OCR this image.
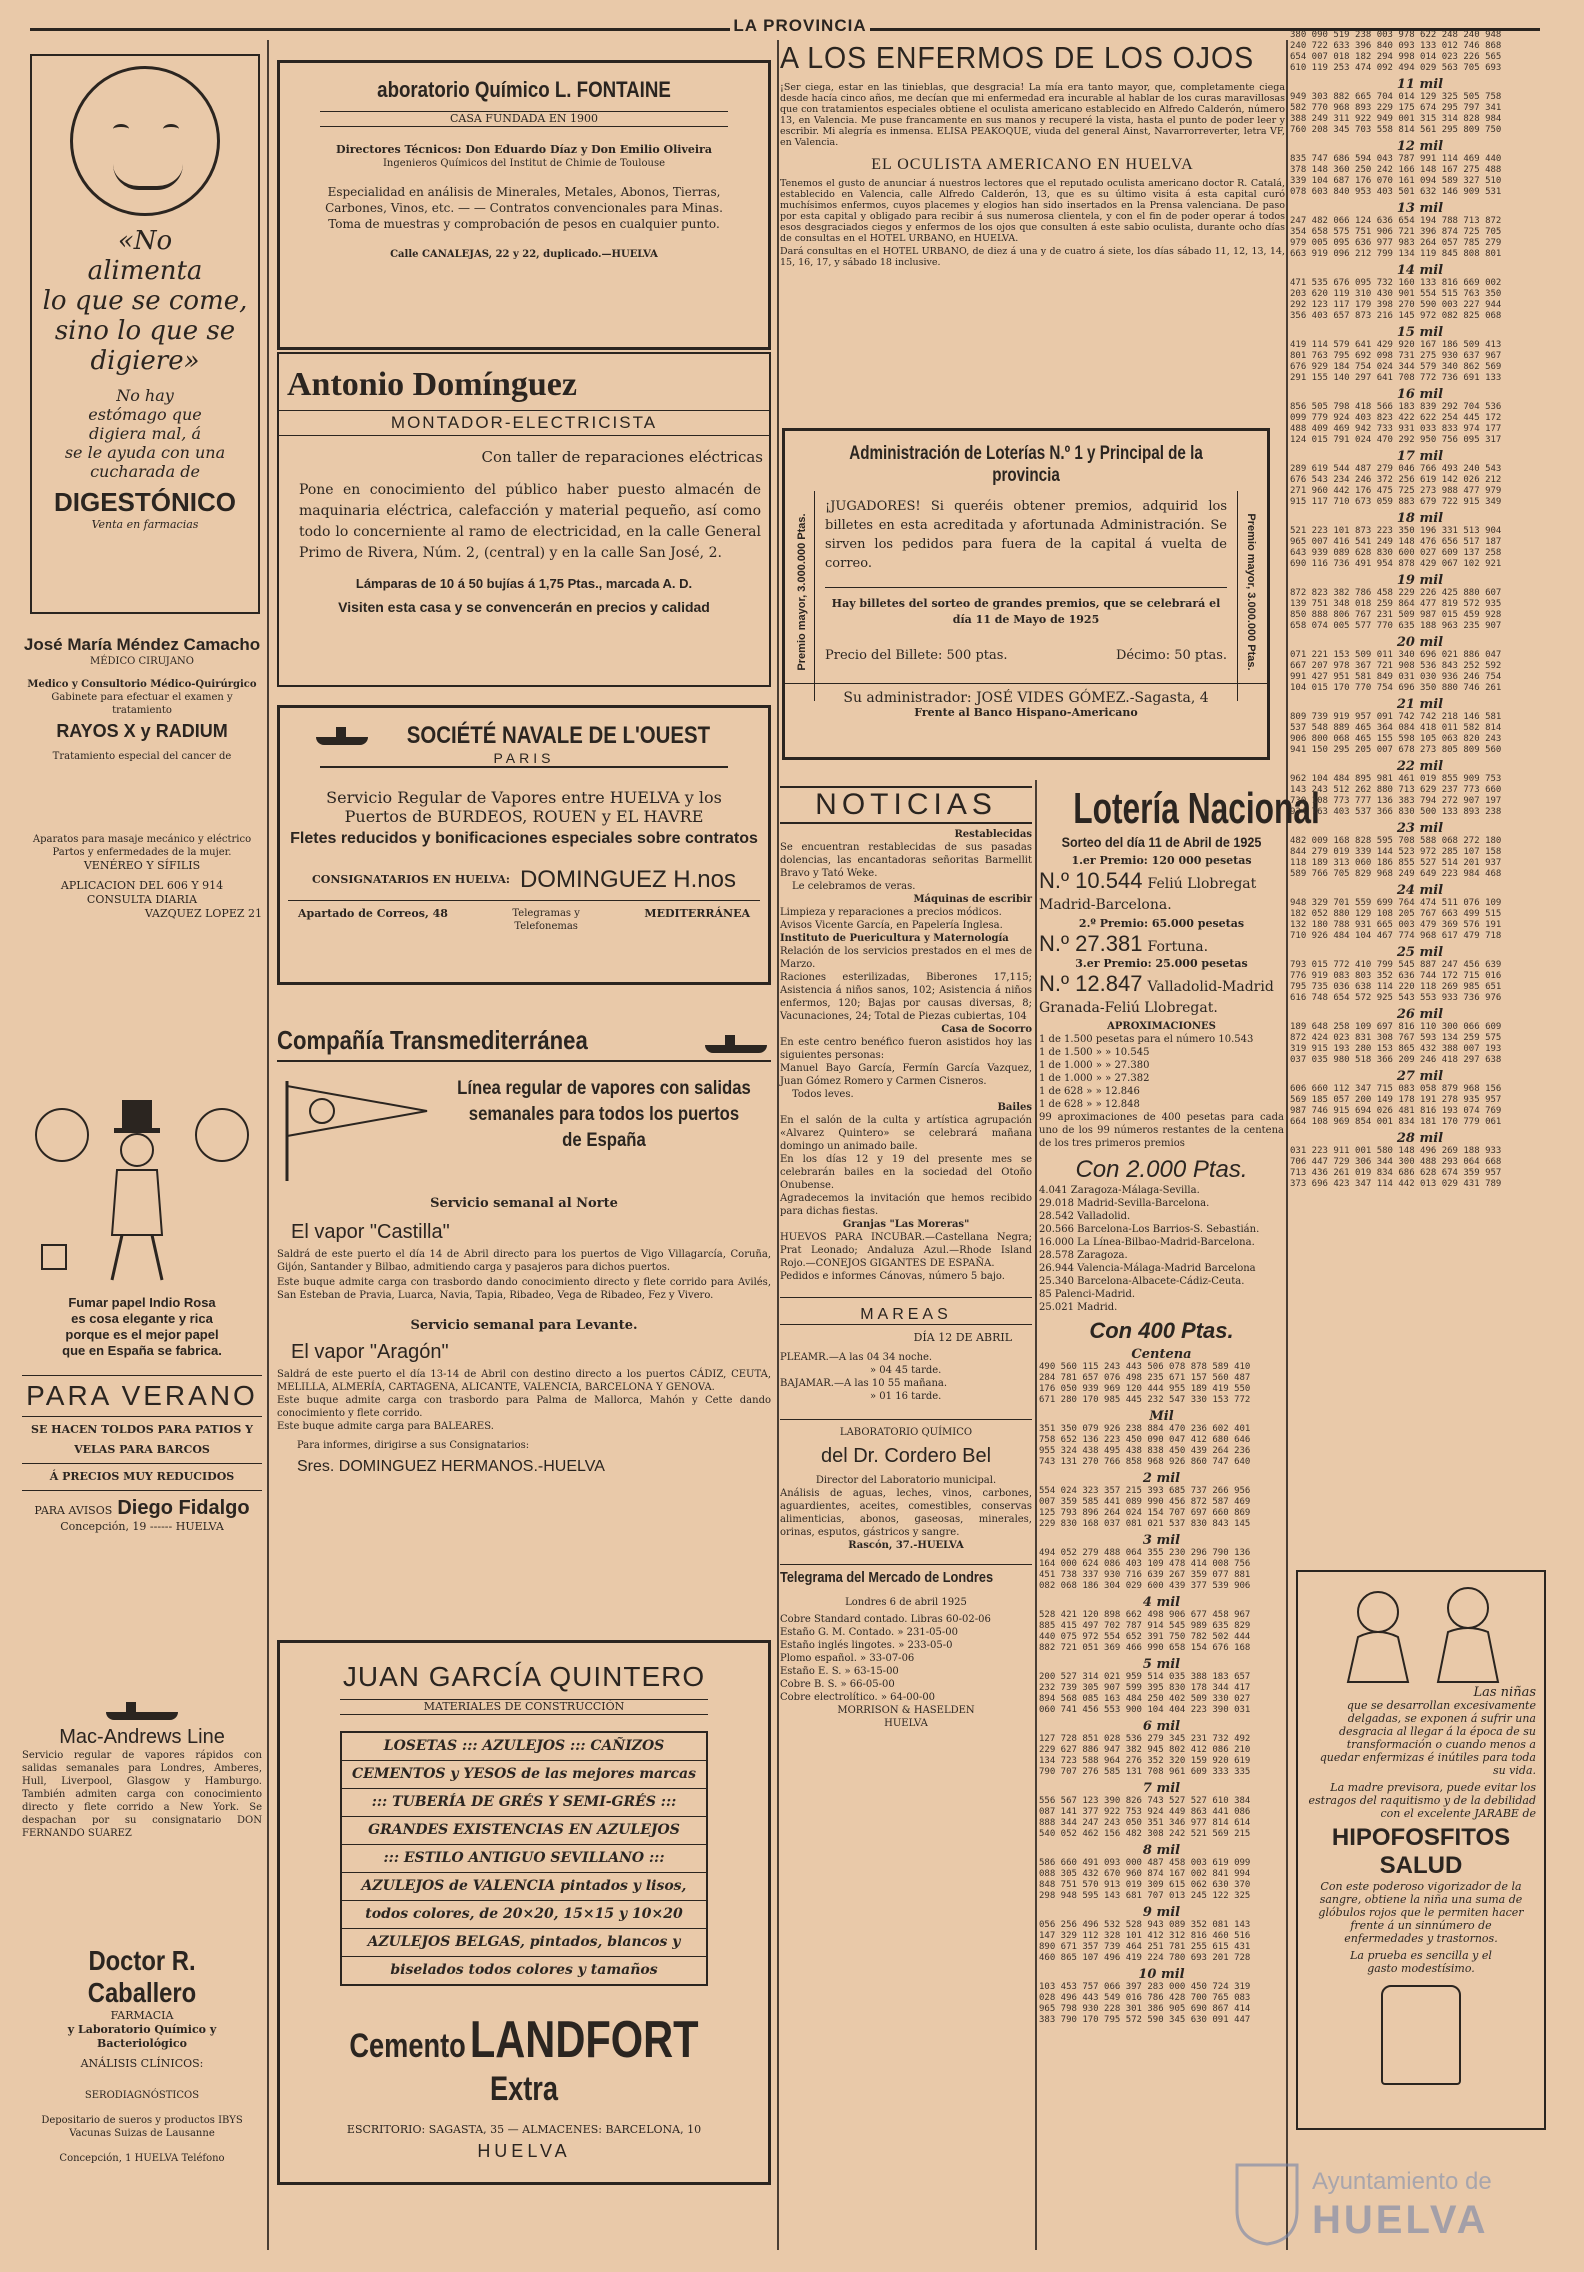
LA PROVINCIA
«No
alimenta
lo que se come,
sino lo que se
digiere»
No hay
estómago que
digiera mal, á
se le ayuda con una
cucharada de
DIGESTÓNICO
Venta en farmacias
José María Méndez Camacho
MÉDICO CIRUJANO
Medico y Consultorio Médico-Quirúrgico
Gabinete para efectuar el examen y tratamiento
RAYOS X y RADIUM
Tratamiento especial del cancer de
Aparatos para masaje mecánico y eléctrico
Partos y enfermedades de la mujer.
VENÉREO Y SÍFILIS
APLICACION DEL 606 Y 914
CONSULTA DIARIA
VAZQUEZ LOPEZ 21
Fumar papel Indio Rosa
es cosa elegante y rica
porque es el mejor papel
que en España se fabrica.
PARA VERANO
SE HACEN TOLDOS PARA PATIOS Y
VELAS PARA BARCOS
Á PRECIOS MUY REDUCIDOS
PARA AVISOS Diego Fidalgo
Concepción, 19 ------ HUELVA
Mac-Andrews Line
Servicio regular de vapores rápidos con salidas semanales para Londres, Amberes, Hull, Liverpool, Glasgow y Hamburgo. También admiten carga con conocimiento directo y flete corrido a New York. Se despachan por su consignatario DON FERNANDO SUAREZ
Doctor R. Caballero
FARMACIA
y Laboratorio Químico y Bacteriológico
ANÁLISIS CLÍNICOS:
SERODIAGNÓSTICOS
Depositario de sueros y productos IBYS
Vacunas Suizas de Lausanne
Concepción, 1 HUELVA Teléfono
aboratorio Químico L. FONTAINE
CASA FUNDADA EN 1900
Directores Técnicos: Don Eduardo Díaz y Don Emilio Oliveira
Ingenieros Químicos del Institut de Chimie de Toulouse
Especialidad en análisis de Minerales, Metales, Abonos, Tierras,
Carbones, Vinos, etc. — — Contratos convencionales para Minas.
Toma de muestras y comprobación de pesos en cualquier punto.
Calle CANALEJAS, 22 y 22, duplicado.—HUELVA
Antonio Domínguez
MONTADOR-ELECTRICISTA
Con taller de reparaciones eléctricas
Pone en conocimiento del público haber puesto almacén de maquinaria eléctrica, calefacción y material pequeño, así como todo lo concerniente al ramo de electricidad, en la calle General Primo de Rivera, Núm. 2, (central) y en la calle San José, 2.
Lámparas de 10 á 50 bujías á 1,75 Ptas., marcada A. D.
Visiten esta casa y se convencerán en precios y calidad
SOCIÉTÉ NAVALE DE L'OUEST
PARIS
Servicio Regular de Vapores entre HUELVA y los
Puertos de BURDEOS, ROUEN y EL HAVRE
Fletes reducidos y bonificaciones especiales sobre contratos
CONSIGNATARIOS EN HUELVA: DOMINGUEZ H.nos
Apartado de Correos, 48	Telegramas y Telefonemas
MEDITERRÁNEA
Compañía Transmediterránea
Línea regular de vapores con salidas
semanales para todos los puertos
de España
Servicio semanal al Norte
El vapor "Castilla"
Saldrá de este puerto el día 14 de Abril directo para los puertos de Vigo Villagarcía, Coruña, Gijón, Santander y Bilbao, admitiendo carga y pasajeros para dichos puertos.
Este buque admite carga con trasbordo dando conocimiento directo y flete corrido para Avilés, San Esteban de Pravia, Luarca, Navia, Tapia, Ribadeo, Vega de Ribadeo, Fez y Vivero.
Servicio semanal para Levante.
El vapor "Aragón"
Saldrá de este puerto el día 13-14 de Abril con destino directo a los puertos CÁDIZ, CEUTA, MELILLA, ALMERÍA, CARTAGENA, ALICANTE, VALENCIA, BARCELONA Y GENOVA.
Este buque admite carga con trasbordo para Palma de Mallorca, Mahón y Cette dando conocimiento y flete corrido.
Este buque admite carga para BALEARES.
Para informes, dirigirse a sus Consignatarios:
Sres. DOMINGUEZ HERMANOS.-HUELVA
JUAN GARCÍA QUINTERO
MATERIALES DE CONSTRUCCIÓN
LOSETAS ::: AZULEJOS ::: CAÑIZOS
CEMENTOS y YESOS de las mejores marcas
::: TUBERÍA DE GRÉS Y SEMI-GRÉS :::
GRANDES EXISTENCIAS EN AZULEJOS
::: ESTILO ANTIGUO SEVILLANO :::
AZULEJOS de VALENCIA pintados y lisos,
todos colores, de 20×20, 15×15 y 10×20
AZULEJOS BELGAS, pintados, blancos y
biselados todos colores y tamaños
Cemento LANDFORT Extra
ESCRITORIO: SAGASTA, 35 — ALMACENES: BARCELONA, 10
HUELVA
A LOS ENFERMOS DE LOS OJOS
¡Ser ciega, estar en las tinieblas, que desgracia! La mía era tanto mayor, que, completamente ciega desde hacía cinco años, me decían que mi enfermedad era incurable al hablar de los curas maravillosas que con tratamientos especiales obtiene el oculista americano establecido en Alfredo Calderón, número 13, en Valencia. Me puse francamente en sus manos y recuperé la vista, hasta el punto de poder leer y escribir. Mi alegría es inmensa. ELISA PEAKOQUE, viuda del general Ainst, Navarrorreverter, letra VF, en Valencia.
EL OCULISTA AMERICANO EN HUELVA
Tenemos el gusto de anunciar á nuestros lectores que el reputado oculista americano doctor R. Catalá, establecido en Valencia, calle Alfredo Calderón, 13, que es su último visita á esta capital curó muchísimos enfermos, cuyos placemes y elogios han sido insertados en la Prensa valenciana. De paso por esta capital y obligado para recibir á sus numerosa clientela, y con el fin de poder operar á todos esos desgraciados ciegos y enfermos de los ojos que consulten á este sabio oculista, durante ocho días de consultas en el HOTEL URBANO, en HUELVA.
Dará consultas en el HOTEL URBANO, de diez á una y de cuatro á siete, los días sábado 11, 12, 13, 14, 15, 16, 17, y sábado 18 inclusive.
Administración de Loterías N.º 1 y Principal de la provincia
Premio mayor, 3.000.000 Ptas.	Premio mayor, 3.000.000 Ptas.
¡JUGADORES! Si queréis obtener premios, adquirid los billetes en esta acreditada y afortunada Administración. Se sirven los pedidos para fuera de la capital á vuelta de correo.
Hay billetes del sorteo de grandes premios, que se celebrará el día 11 de Mayo de 1925
Precio del Billete: 500 ptas.	Décimo: 50 ptas.
Su administrador: JOSÉ VIDES GÓMEZ.-Sagasta, 4
Frente al Banco Hispano-Americano
NOTICIAS
Restablecidas
Se encuentran restablecidas de sus pasadas dolencias, las encantadoras señoritas Barmellit Bravo y Tató Weke.
Le celebramos de veras.
Máquinas de escribir
Limpieza y reparaciones a precios módicos.
Avisos Vicente García, en Papelería Inglesa.
Instituto de Puericultura y Maternología
Relación de los servicios prestados en el mes de Marzo.
Raciones esterilizadas, Biberones 17,115; Asistencia á niños sanos, 102; Asistencia á niños enfermos, 120; Bajas por causas diversas, 8; Vacunaciones, 24; Total de Piezas cubiertas, 104
Casa de Socorro
En este centro benéfico fueron asistidos hoy las siguientes personas:
Manuel Bayo García, Fermín García Vazquez, Juan Gómez Romero y Carmen Cisneros.
Todos leves.
Bailes
En el salón de la culta y artística agrupación «Alvarez Quintero» se celebrará mañana domingo un animado baile.
En los días 12 y 19 del presente mes se celebrarán bailes en la sociedad del Otoño Onubense.
Agradecemos la invitación que hemos recibido para dichas fiestas.
Granjas "Las Moreras"
HUEVOS PARA INCUBAR.—Castellana Negra; Prat Leonado; Andaluza Azul.—Rhode Island Rojo.—CONEJOS GIGANTES DE ESPAÑA.
Pedidos e informes Cánovas, número 5 bajo.
MAREAS
DÍA 12 DE ABRIL
PLEAMR.—A las 04 34 noche.
» 04 45 tarde.
BAJAMAR.—A las 10 55 mañana.
» 01 16 tarde.
LABORATORIO QUÍMICO
del Dr. Cordero Bel
Director del Laboratorio municipal.
Análisis de aguas, leches, vinos, carbones, aguardientes, aceites, comestibles, conservas alimenticias, abonos, gaseosas, minerales, orinas, esputos, gástricos y sangre.
Rascón, 37.-HUELVA
Telegrama del Mercado de Londres
Londres 6 de abril 1925
Cobre Standard contado. Libras 60-02-06
Estaño G. M. Contado. » 231-05-00
Estaño inglés lingotes. » 233-05-0
Plomo español. » 33-07-06
Estaño E. S. » 63-15-00
Cobre B. S. » 66-05-00
Cobre electrolítico. » 64-00-00
MORRISON & HASELDEN
HUELVA
Lotería Nacional
Sorteo del día 11 de Abril de 1925
1.er Premio: 120 000 pesetas
N.º 10.544 Feliú Llobregat Madrid-Barcelona.
2.º Premio: 65.000 pesetas
N.º 27.381 Fortuna.
3.er Premio: 25.000 pesetas
N.º 12.847 Valladolid-Madrid Granada-Feliú Llobregat.
APROXIMACIONES
1 de 1.500 pesetas para el número 10.543
1 de 1.500 » » 10.545
1 de 1.000 » » 27.380
1 de 1.000 » » 27.382
1 de 628 » » 12.846
1 de 628 » » 12.848
99 aproximaciones de 400 pesetas para cada uno de los 99 números restantes de la centena de los tres primeros premios
Con 2.000 Ptas.
4.041 Zaragoza-Málaga-Sevilla.
29.018 Madrid-Sevilla-Barcelona.
28.542 Valladolid.
20.566 Barcelona-Los Barrios-S. Sebastián.
16.000 La Línea-Bilbao-Madrid-Barcelona.
28.578 Zaragoza.
26.944 Valencia-Málaga-Madrid Barcelona
25.340 Barcelona-Albacete-Cádiz-Ceuta.
85 Palenci-Madrid.
25.021 Madrid.
Con 400 Ptas.
Centena
490 560 115 243 443 506 078 878 589 410
284 781 657 076 498 235 671 157 560 487
176 050 939 969 120 444 955 189 419 550
671 280 170 985 445 232 547 330 153 772
Mil
351 350 079 926 238 884 470 236 602 401
758 652 136 223 450 090 047 412 680 646
955 324 438 495 438 838 450 439 264 236
743 131 270 766 858 968 926 860 747 640
2 mil
554 024 323 357 215 393 685 737 266 956
007 359 585 441 089 990 456 872 587 469
125 793 896 264 024 154 707 697 660 869
229 830 168 037 081 021 537 830 843 145
3 mil
494 052 279 488 064 355 230 296 790 136
164 000 624 086 403 109 478 414 008 756
451 738 337 930 716 639 267 359 077 881
082 068 186 304 029 600 439 377 539 906
4 mil
528 421 120 898 662 498 906 677 458 967
885 415 497 702 787 914 545 989 635 829
440 075 972 554 652 391 750 782 502 444
882 721 051 369 466 990 658 154 676 168
5 mil
200 527 314 021 959 514 035 388 183 657
232 739 305 907 599 395 830 178 344 417
894 568 085 163 484 250 402 509 330 027
060 741 456 553 900 104 404 223 390 031
6 mil
127 728 851 028 536 279 345 231 732 492
229 627 886 947 382 945 802 412 086 210
134 723 588 964 276 352 320 159 920 619
790 707 276 585 131 708 961 609 333 335
7 mil
556 567 123 390 826 743 527 527 610 384
087 141 377 922 753 924 449 863 441 086
888 344 247 243 050 351 346 977 814 614
540 052 462 156 482 308 242 521 569 215
8 mil
586 660 491 093 000 487 458 003 619 099
088 305 432 670 960 874 167 002 841 994
848 751 570 913 019 309 615 062 630 370
298 948 595 143 681 707 013 245 122 325
9 mil
056 256 496 532 528 943 089 352 081 143
147 329 112 328 101 412 312 816 460 516
890 671 357 739 464 251 781 255 615 431
460 865 107 496 419 224 780 693 201 728
10 mil
103 453 757 066 397 283 000 450 724 319
028 496 443 549 016 786 428 700 765 083
965 798 930 228 301 386 905 690 867 414
383 790 170 795 572 590 345 630 091 447
380 090 519 238 003 978 622 248 240 948
240 722 633 396 840 093 133 012 746 868
654 007 018 182 294 998 014 023 226 565
610 119 253 474 092 494 029 563 705 693
11 mil
949 303 882 665 704 014 129 325 505 758
582 770 968 893 229 175 674 295 797 341
388 249 311 922 949 001 315 314 828 984
760 208 345 703 558 814 561 295 809 750
12 mil
835 747 686 594 043 787 991 114 469 440
378 148 360 250 242 166 148 167 275 488
339 104 687 176 070 161 094 589 327 510
078 603 840 953 403 501 632 146 909 531
13 mil
247 482 066 124 636 654 194 788 713 872
354 658 575 751 906 721 396 874 725 705
979 005 095 636 977 983 264 057 785 279
663 919 096 212 799 134 119 845 808 801
14 mil
471 535 676 095 732 160 133 816 669 002
203 620 119 310 430 901 554 515 763 350
292 123 117 179 398 270 590 003 227 944
356 403 657 873 216 145 972 082 825 068
15 mil
419 114 579 641 429 920 167 186 509 413
801 763 795 692 098 731 275 930 637 967
676 929 184 754 024 344 579 340 862 569
291 155 140 297 641 708 772 736 691 133
16 mil
856 505 798 418 566 183 839 292 704 536
099 779 924 403 823 422 622 254 445 172
488 409 469 942 733 931 033 833 974 177
124 015 791 024 470 292 950 756 095 317
17 mil
289 619 544 487 279 046 766 493 240 543
676 543 234 246 372 256 619 142 026 212
271 960 442 176 475 725 273 988 477 979
915 117 710 673 059 883 679 722 915 349
18 mil
521 223 101 873 223 350 196 331 513 904
965 007 416 541 249 148 476 656 517 187
643 939 089 628 830 600 027 609 137 258
690 116 736 491 954 878 429 067 102 921
19 mil
872 823 382 786 458 229 226 425 880 607
139 751 348 018 259 864 477 819 572 935
850 888 806 767 231 509 987 015 459 928
658 074 005 577 770 635 188 963 235 907
20 mil
071 221 153 509 011 340 696 021 886 047
667 207 978 367 721 908 536 843 252 592
991 427 951 581 849 031 030 936 246 754
104 015 170 770 754 696 350 880 746 261
21 mil
809 739 919 957 091 742 742 218 146 581
537 548 889 465 364 084 418 011 582 814
906 800 068 465 155 598 105 063 820 243
941 150 295 205 007 678 273 805 809 560
22 mil
962 104 484 895 981 461 019 855 909 753
143 243 512 262 880 713 629 237 773 660
730 108 773 777 136 383 794 272 907 197
934 763 403 537 366 830 500 133 893 238
23 mil
482 009 168 828 595 708 588 068 272 180
844 279 019 339 144 523 972 285 107 158
118 189 313 060 186 855 527 514 201 937
589 766 705 829 968 249 649 223 984 468
24 mil
948 329 701 559 699 764 474 511 076 109
182 052 880 129 108 205 767 663 499 515
132 180 788 931 665 003 479 369 576 191
710 926 484 104 467 774 968 617 479 718
25 mil
793 015 772 410 799 545 887 247 456 639
776 919 083 803 352 636 744 172 715 016
795 735 036 638 114 220 118 269 985 651
616 748 654 572 925 543 553 933 736 976
26 mil
189 648 258 109 697 816 110 300 066 609
872 424 023 831 308 767 593 134 259 575
319 915 193 280 153 865 432 388 007 193
037 035 980 518 366 209 246 418 297 638
27 mil
606 660 112 347 715 083 058 879 968 156
569 185 057 200 149 178 191 278 935 957
987 746 915 694 026 481 816 193 074 769
664 108 969 854 001 834 181 170 779 061
28 mil
031 223 911 001 580 148 496 269 188 933
706 447 729 306 344 300 488 293 064 668
713 436 261 019 834 686 628 674 359 957
373 696 423 347 114 442 013 029 431 789
Las niñas
que se desarrollan excesivamente delgadas, se exponen á sufrir una desgracia al llegar á la época de su transformación o cuando menos a quedar enfermizas é inútiles para toda su vida.
La madre previsora, puede evitar los estragos del raquitismo y de la debilidad con el excelente JARABE de
HIPOFOSFITOS
SALUD
Con este poderoso vigorizador de la sangre, obtiene la niña una suma de glóbulos rojos que le permiten hacer frente á un sinnúmero de enfermedades y trastornos.
La prueba es sencilla y el gasto modestísimo.
Ayuntamiento de
HUELVA
